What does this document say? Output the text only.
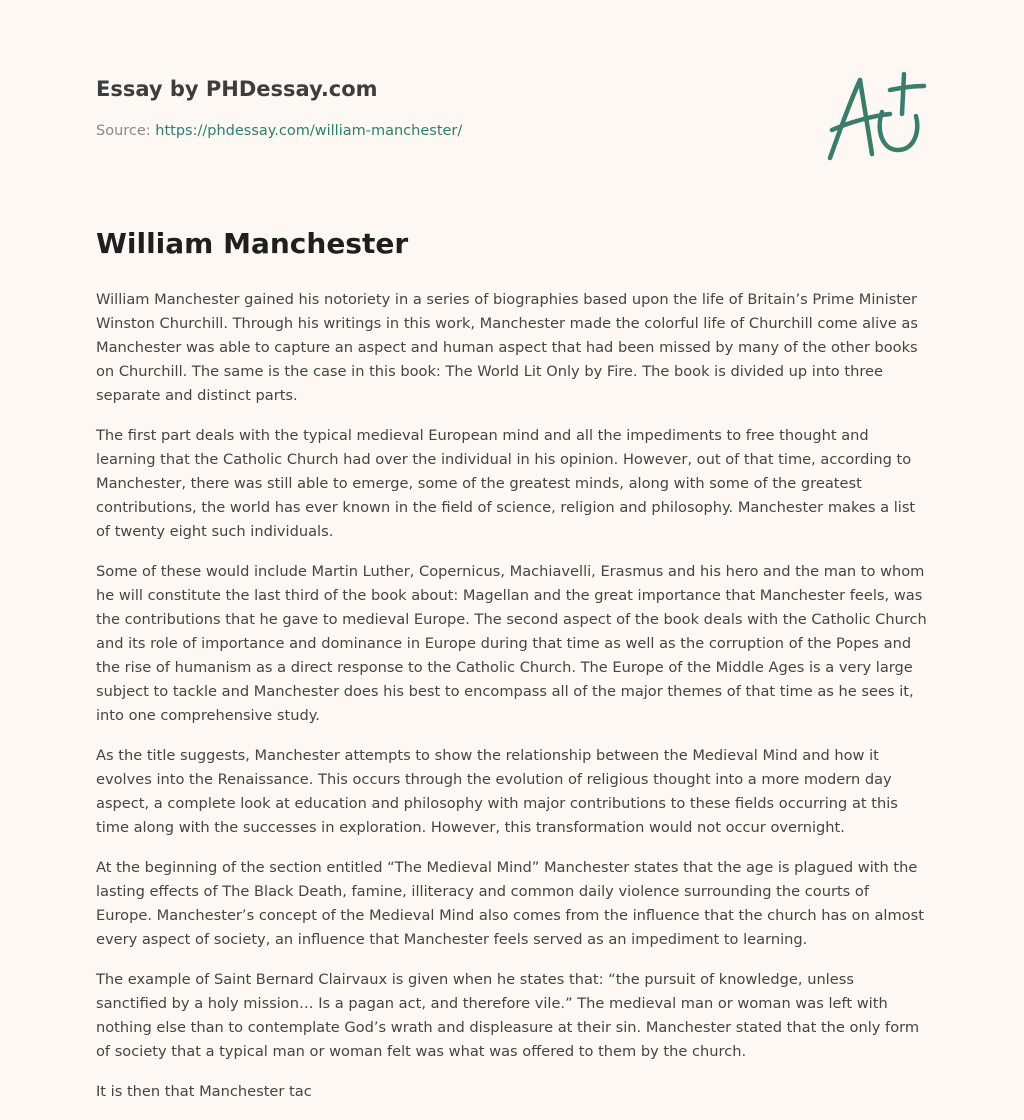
Essay by PHDessay.com
Source: https://phdessay.com/william-manchester/
William Manchester

William Manchester gained his notoriety in a series of biographies based upon the life of Britain’s Prime Minister Winston Churchill. Through his writings in this work, Manchester made the colorful life of Churchill come alive as Manchester was able to capture an aspect and human aspect that had been missed by many of the other books on Churchill. The same is the case in this book: The World Lit Only by Fire. The book is divided up into three separate and distinct parts.

The first part deals with the typical medieval European mind and all the impediments to free thought and learning that the Catholic Church had over the individual in his opinion. However, out of that time, according to Manchester, there was still able to emerge, some of the greatest minds, along with some of the greatest contributions, the world has ever known in the field of science, religion and philosophy. Manchester makes a list of twenty eight such individuals.

Some of these would include Martin Luther, Copernicus, Machiavelli, Erasmus and his hero and the man to whom he will constitute the last third of the book about: Magellan and the great importance that Manchester feels, was the contributions that he gave to medieval Europe. The second aspect of the book deals with the Catholic Church and its role of importance and dominance in Europe during that time as well as the corruption of the Popes and the rise of humanism as a direct response to the Catholic Church. The Europe of the Middle Ages is a very large subject to tackle and Manchester does his best to encompass all of the major themes of that time as he sees it, into one comprehensive study.

As the title suggests, Manchester attempts to show the relationship between the Medieval Mind and how it evolves into the Renaissance. This occurs through the evolution of religious thought into a more modern day aspect, a complete look at education and philosophy with major contributions to these fields occurring at this time along with the successes in exploration. However, this transformation would not occur overnight.

At the beginning of the section entitled “The Medieval Mind” Manchester states that the age is plagued with the lasting effects of The Black Death, famine, illiteracy and common daily violence surrounding the courts of Europe. Manchester’s concept of the Medieval Mind also comes from the influence that the church has on almost every aspect of society, an influence that Manchester feels served as an impediment to learning.

The example of Saint Bernard Clairvaux is given when he states that: “the pursuit of knowledge, unless sanctified by a holy mission… Is a pagan act, and therefore vile.” The medieval man or woman was left with nothing else than to contemplate God’s wrath and displeasure at their sin. Manchester stated that the only form of society that a typical man or woman felt was what was offered to them by the church.

It is then that Manchester tac
